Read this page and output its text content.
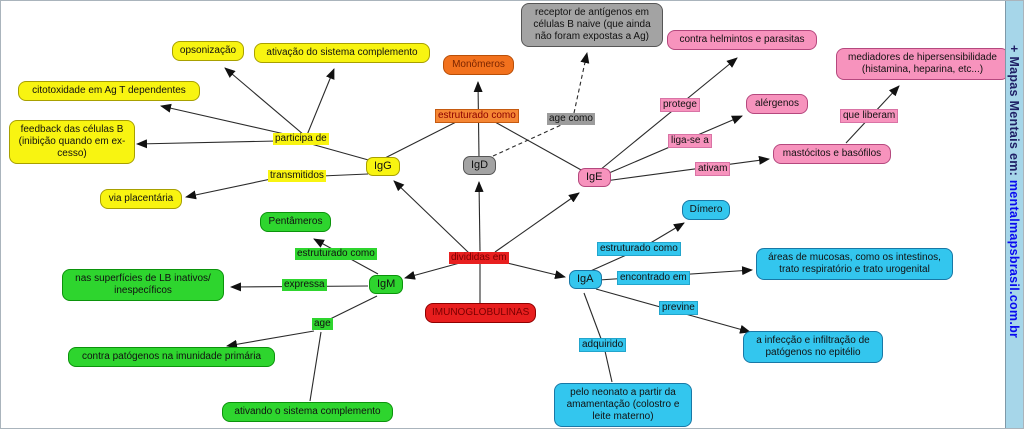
opsonização	ativação do sistema complemento
citotoxidade em Ag T dependentes
feedback das células B (inibição quando em ex- cesso)
via placentária
participa de
transmitidos
IgG
Monômeros
estruturado como
receptor de antígenos em células B naive (que ainda não foram expostas a Ag)
age como
IgD
contra helmintos e parasitas
mediadores de hipersensibilidade (histamina, heparina, etc...)
alérgenos
protege
que liberam
liga-se a
mastócitos e basófilos
ativam
IgE
divididas em
IMUNOGLOBULINAS
Pentâmeros
estruturado como
nas superfícies de LB inativos/ inespecíficos
expressa	IgM
age
contra patógenos na imunidade primária
ativando o sistema complemento
Dímero
estruturado como
IgA	encontrado em
áreas de mucosas, como os intestinos, trato respiratório e trato urogenital
previne
adquirido	a infecção e infiltração de patógenos no epitélio
pelo neonato a partir da amamentação (colostro e leite materno)
+ Mapas Mentais em: mentalmapsbrasil.com.br
